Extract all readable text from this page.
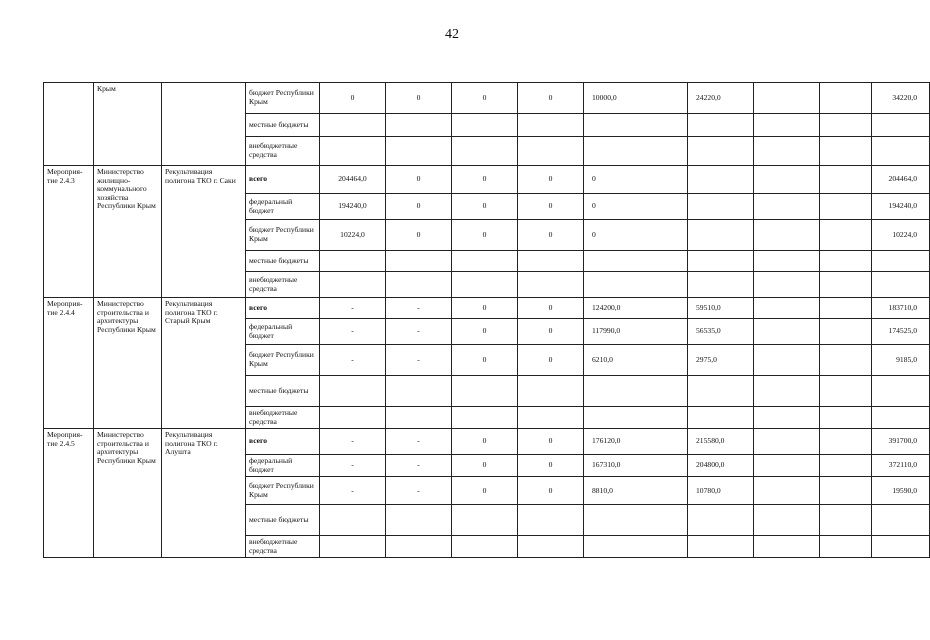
42
	Крым		бюджет Республики Крым	0	0	0	0	10000,0	24220,0			34220,0
			местные бюджеты									
			внебюджетные средства									
Мероприя-тие 2.4.3	Министерство жилищно-коммунального хозяйства Республики Крым	Рекультивация полигона ТКО г. Саки	всего	204464,0	0	0	0	0				204464,0
			федеральный бюджет	194240,0	0	0	0	0				194240,0
			бюджет Республики Крым	10224,0	0	0	0	0				10224,0
			местные бюджеты									
			внебюджетные средства									
Мероприя-тие 2.4.4	Министерство строительства и архитектуры Республики Крым	Рекультивация полигона ТКО г. Старый Крым	всего	-	-	0	0	124200,0	59510,0			183710,0
			федеральный бюджет	-	-	0	0	117990,0	56535,0			174525,0
			бюджет Республики Крым	-	-	0	0	6210,0	2975,0			9185,0
			местные бюджеты									
			внебюджетные средства									
Мероприя-тие 2.4.5	Министерство строительства и архитектуры Республики Крым	Рекультивация полигона ТКО г. Алушта	всего	-	-	0	0	176120,0	215580,0			391700,0
			федеральный бюджет	-	-	0	0	167310,0	204800,0			372110,0
			бюджет Республики Крым	-	-	0	0	8810,0	10780,0			19590,0
			местные бюджеты									
			внебюджетные средства									
